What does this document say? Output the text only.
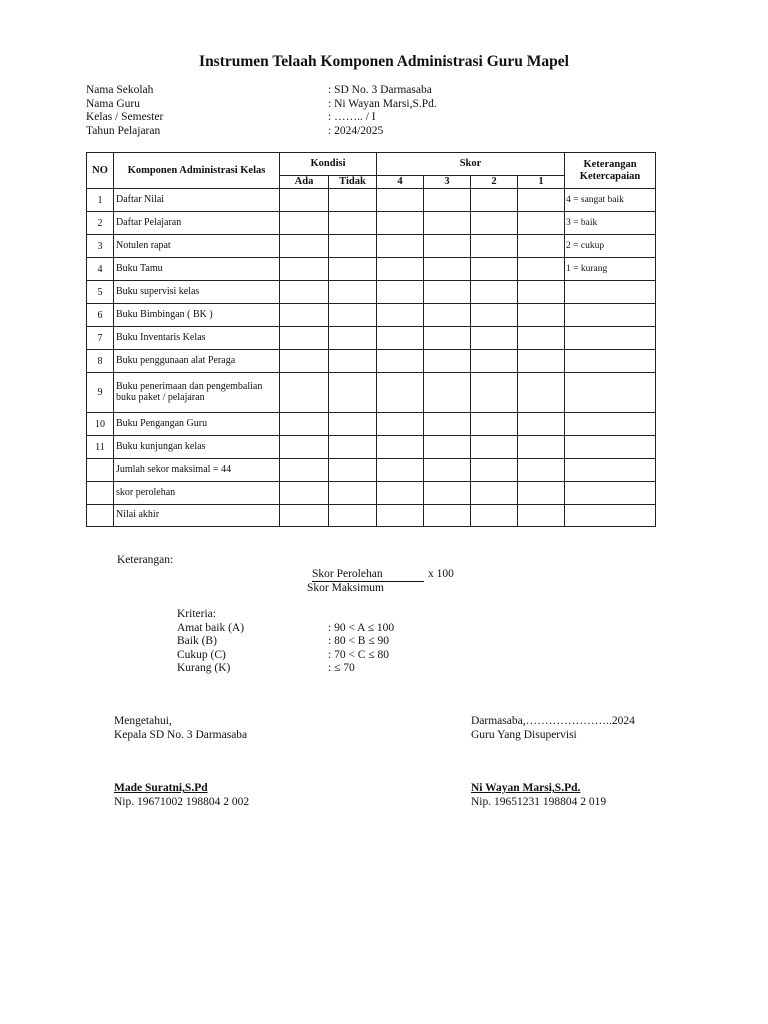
Instrumen Telaah Komponen Administrasi Guru Mapel
Nama Sekolah	: SD No. 3 Darmasaba
Nama Guru	: Ni Wayan Marsi,S.Pd.
Kelas / Semester	: …….. / I
Tahun Pelajaran	: 2024/2025
NO	Komponen Administrasi Kelas	Kondisi		Skor				Keterangan Ketercapaian
		Ada	Tidak	4	3	2	1	
1	Daftar Nilai							4 = sangat baik
2	Daftar Pelajaran							3 = baik
3	Notulen rapat							2 = cukup
4	Buku Tamu							1 = kurang
5	Buku supervisi kelas							
6	Buku Bimbingan ( BK )							
7	Buku Inventaris Kelas							
8	Buku penggunaan alat Peraga							
9	Buku penerimaan dan pengembalian buku paket / pelajaran							
10	Buku Pengangan Guru							
11	Buku kunjungan kelas							
	Jumlah sekor maksimal = 44							
	skor perolehan							
	Nilai akhir							
Keterangan:
Skor Perolehan	x 100
Skor Maksimum
Kriteria:
Amat baik (A)	: 90 < A ≤ 100
Baik (B)	: 80 < B ≤ 90
Cukup (C)	: 70 < C ≤ 80
Kurang (K)	: ≤ 70
Mengetahui,
Kepala SD No. 3 Darmasaba
Made Suratni,S.Pd
Nip. 19671002 198804 2 002
Darmasaba,…………………..2024
Guru Yang Disupervisi
Ni Wayan Marsi,S.Pd.
Nip. 19651231 198804 2 019
